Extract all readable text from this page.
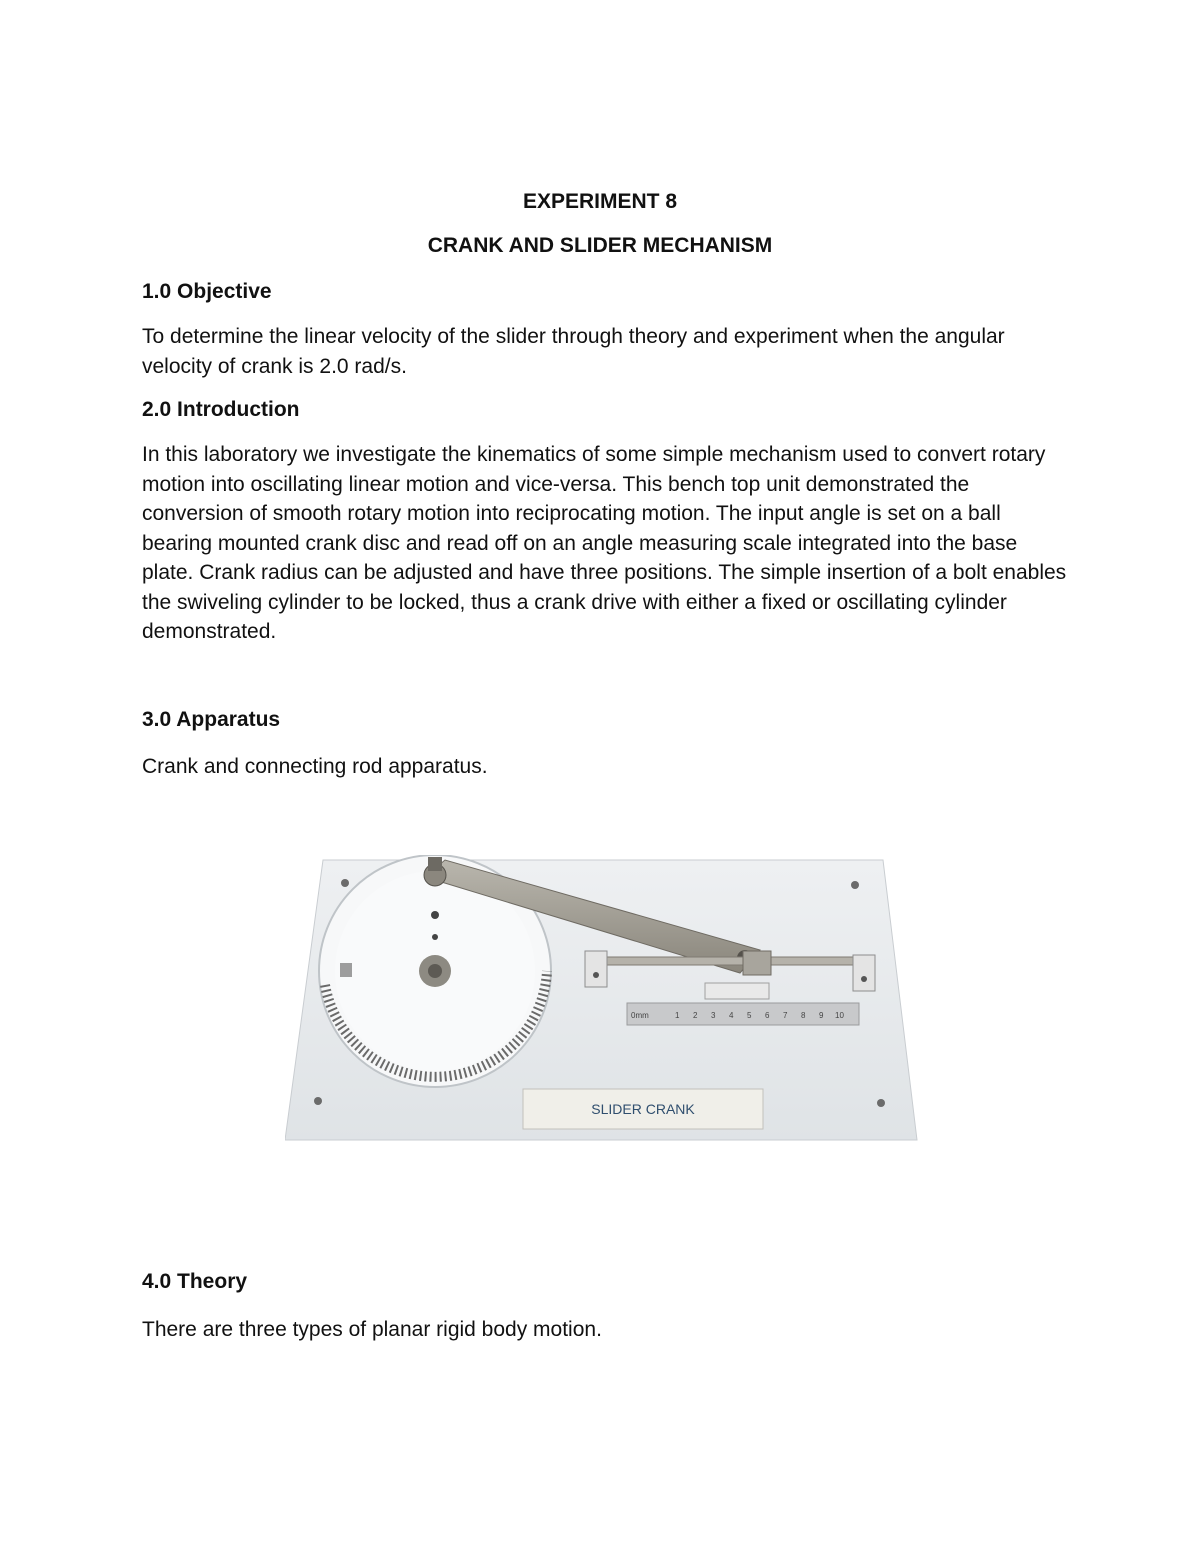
EXPERIMENT 8
CRANK AND SLIDER MECHANISM
1.0 Objective

To determine the linear velocity of the slider through theory and experiment when the angular velocity of crank is 2.0 rad/s.

2.0 Introduction

In this laboratory we investigate the kinematics of some simple mechanism used to convert rotary motion into oscillating linear motion and vice-versa. This bench top unit demonstrated the conversion of smooth rotary motion into reciprocating motion. The input angle is set on a ball bearing mounted crank disc and read off on an angle measuring scale integrated into the base plate. Crank radius can be adjusted and have three positions. The simple insertion of a bolt enables the swiveling cylinder to be locked, thus a crank drive with either a fixed or oscillating cylinder demonstrated.

3.0 Apparatus

Crank and connecting rod apparatus.

0mm	1 2 3 4 5 6 7 8 9 10
SLIDER CRANK
4.0 Theory

There are three types of planar rigid body motion.
